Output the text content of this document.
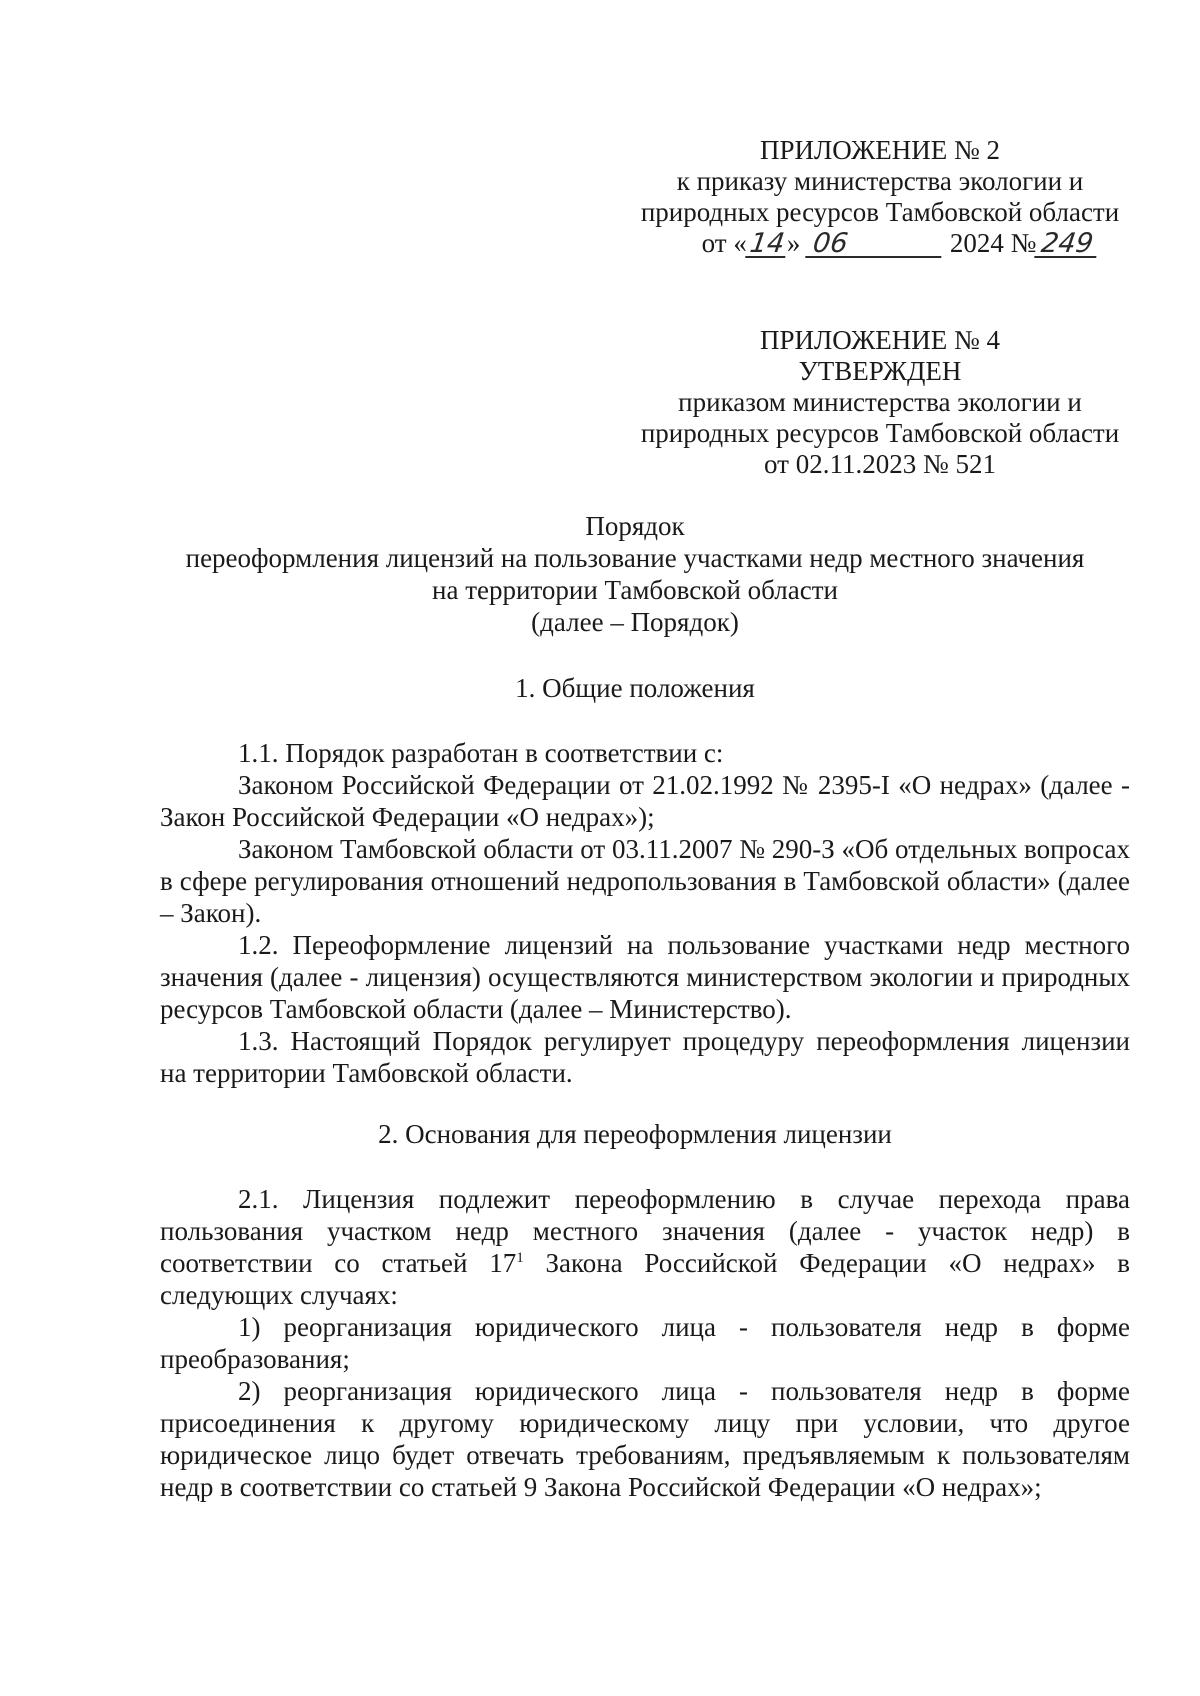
ПРИЛОЖЕНИЕ № 2
к приказу министерства экологии и
природных ресурсов Тамбовской области
от «14» 06	2024 № 249
ПРИЛОЖЕНИЕ № 4
УТВЕРЖДЕН
приказом министерства экологии и
природных ресурсов Тамбовской области
от 02.11.2023 № 521
Порядок
переоформления лицензий на пользование участками недр местного значения
на территории Тамбовской области
(далее – Порядок)
1. Общие положения

1.1. Порядок разработан в соответствии с:

Законом Российской Федерации от 21.02.1992 № 2395-I «О недрах» (далее - Закон Российской Федерации «О недрах»);

Законом Тамбовской области от 03.11.2007 № 290-З «Об отдельных вопросах в сфере регулирования отношений недропользования в Тамбовской области» (далее – Закон).

1.2. Переоформление лицензий на пользование участками недр местного значения (далее - лицензия) осуществляются министерством экологии и природных ресурсов Тамбовской области (далее – Министерство).

1.3. Настоящий Порядок регулирует процедуру переоформления лицензии на территории Тамбовской области.

2. Основания для переоформления лицензии

2.1. Лицензия подлежит переоформлению в случае перехода права пользования участком недр местного значения (далее - участок недр) в соответствии со статьей $17^1$ Закона Российской Федерации «О недрах» в следующих случаях:

1) реорганизация юридического лица - пользователя недр в форме преобразования;

2) реорганизация юридического лица - пользователя недр в форме присоединения к другому юридическому лицу при условии, что другое юридическое лицо будет отвечать требованиям, предъявляемым к пользователям недр в соответствии со статьей 9 Закона Российской Федерации «О недрах»;
